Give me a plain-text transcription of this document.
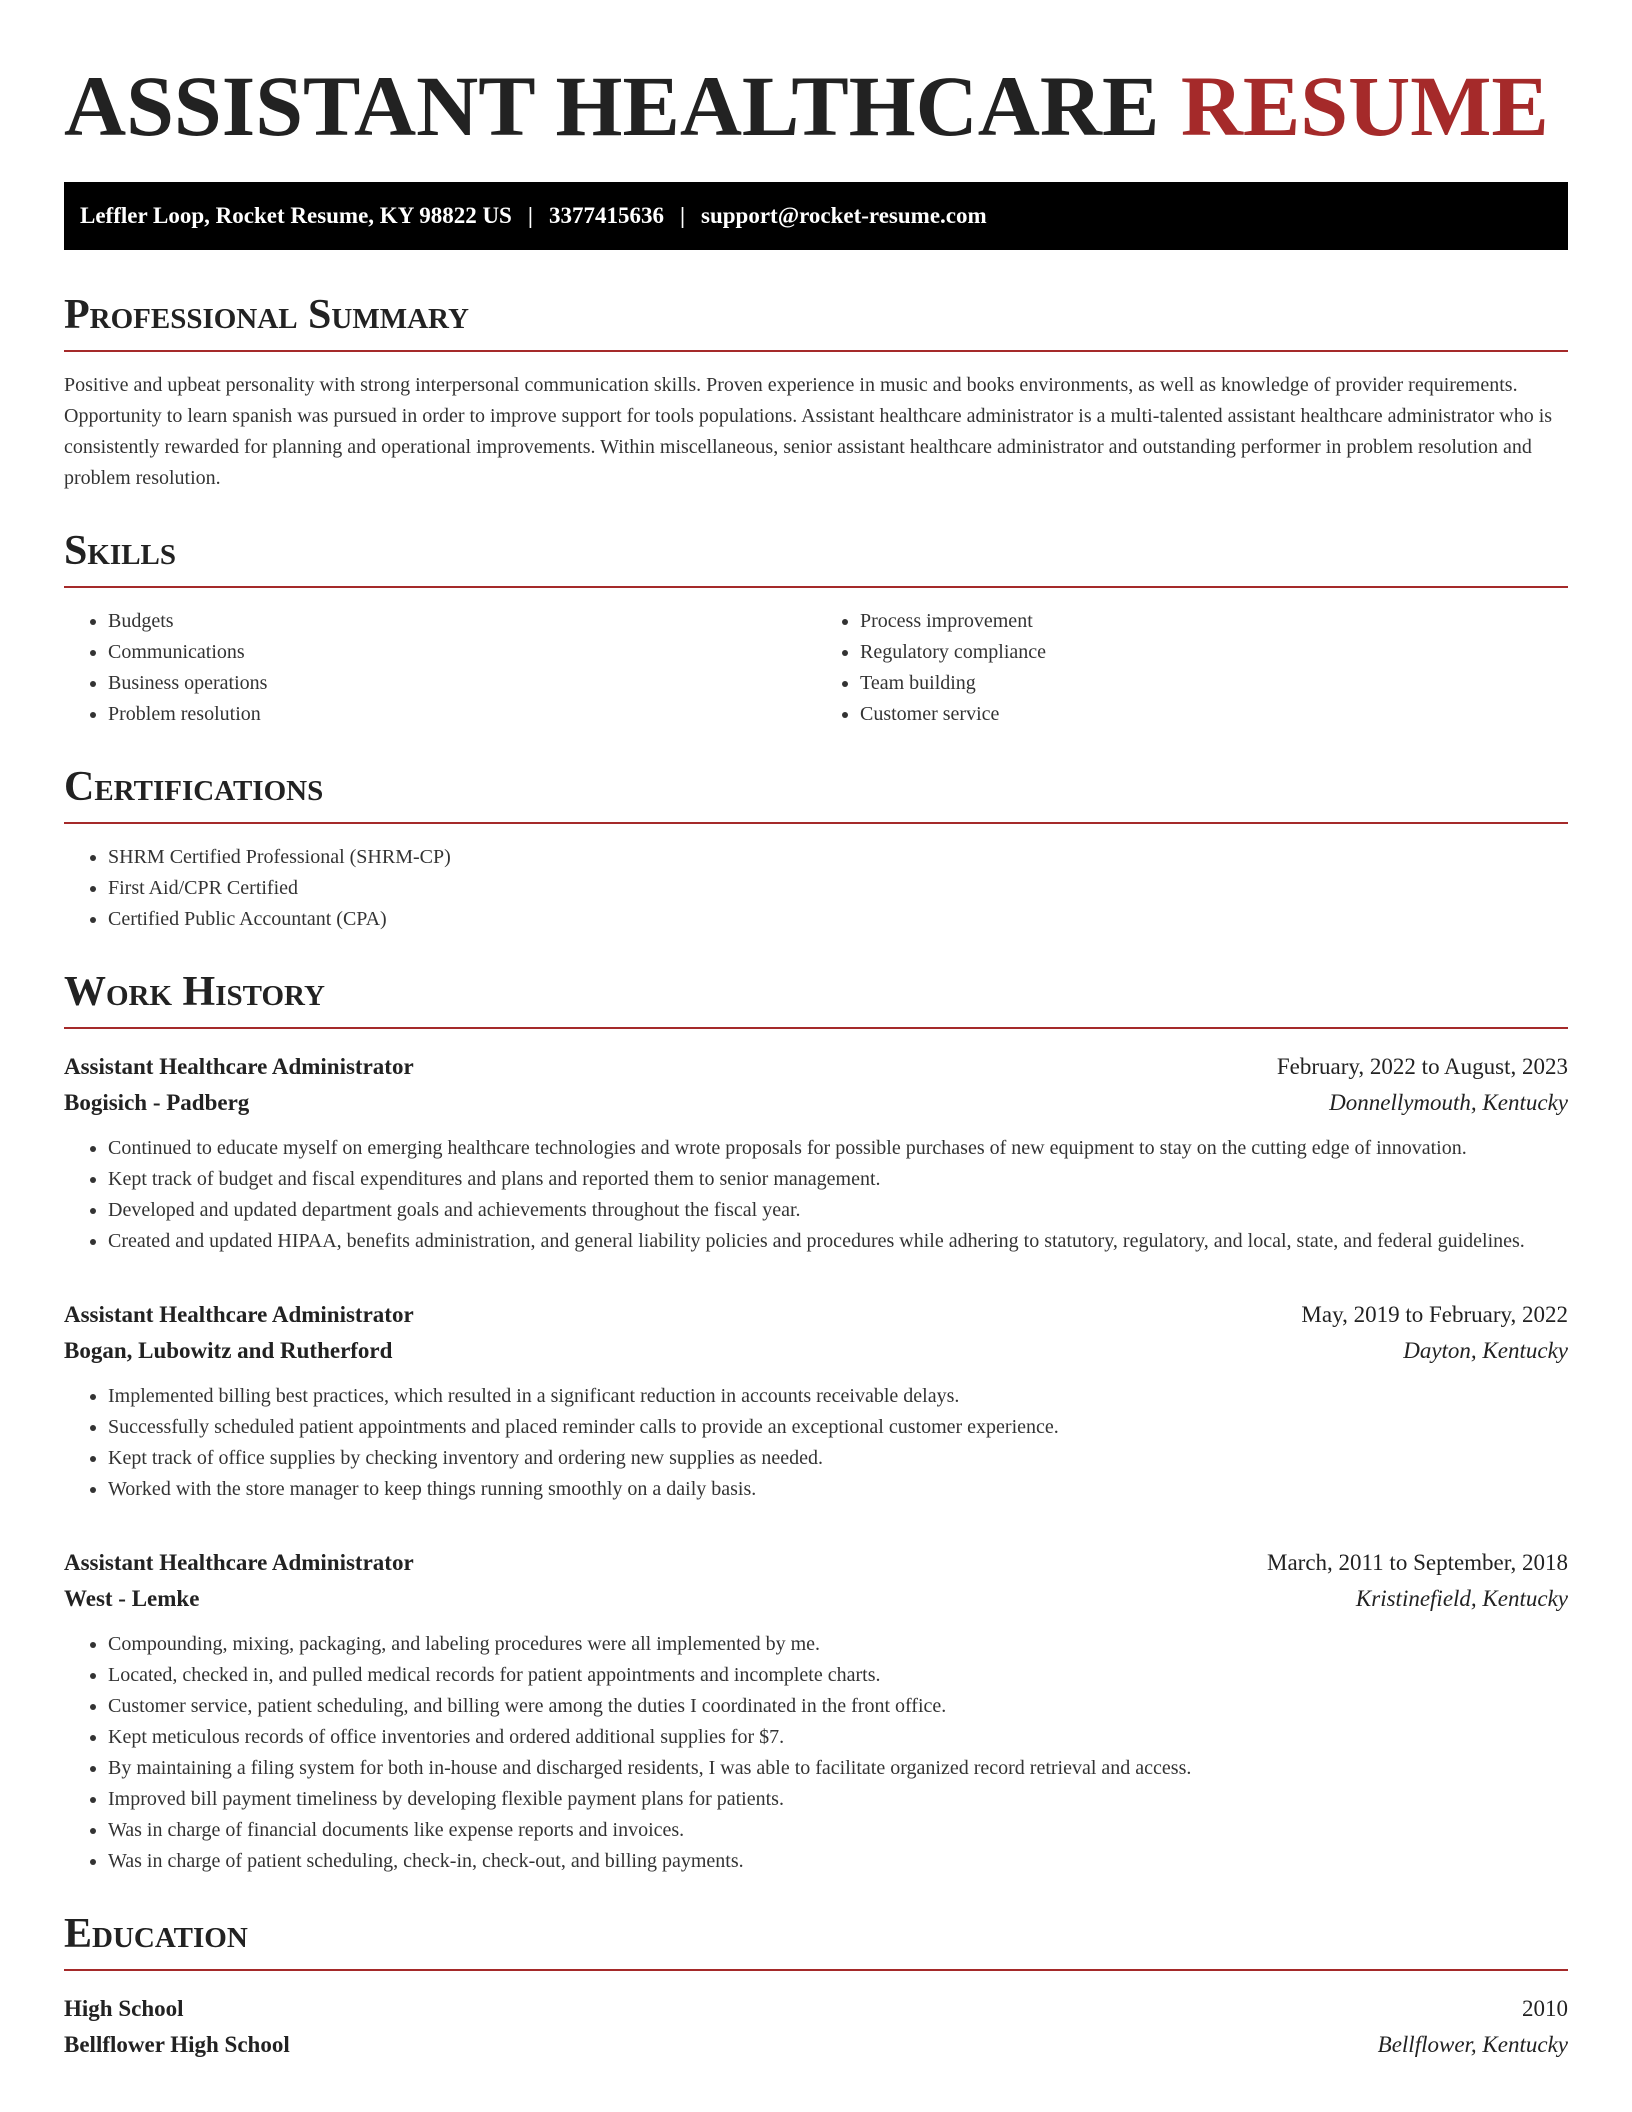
ASSISTANT HEALTHCARE RESUME
Leffler Loop, Rocket Resume, KY 98822 US | 3377415636 | support@rocket-resume.com
Professional Summary

Positive and upbeat personality with strong interpersonal communication skills. Proven experience in music and books environments, as well as knowledge of provider requirements. Opportunity to learn spanish was pursued in order to improve support for tools populations. Assistant healthcare administrator is a multi-talented assistant healthcare administrator who is consistently rewarded for planning and operational improvements. Within miscellaneous, senior assistant healthcare administrator and outstanding performer in problem resolution and problem resolution.

Skills
• Budgets
• Communications
• Business operations
• Problem resolution
• Process improvement
• Regulatory compliance
• Team building
• Customer service
Certifications
• SHRM Certified Professional (SHRM-CP)
• First Aid/CPR Certified
• Certified Public Accountant (CPA)
Work History
Assistant Healthcare Administrator	February, 2022 to August, 2023
Bogisich - Padberg	Donnellymouth, Kentucky
• Continued to educate myself on emerging healthcare technologies and wrote proposals for possible purchases of new equipment to stay on the cutting edge of innovation.
• Kept track of budget and fiscal expenditures and plans and reported them to senior management.
• Developed and updated department goals and achievements throughout the fiscal year.
• Created and updated HIPAA, benefits administration, and general liability policies and procedures while adhering to statutory, regulatory, and local, state, and federal guidelines.
Assistant Healthcare Administrator	May, 2019 to February, 2022
Bogan, Lubowitz and Rutherford	Dayton, Kentucky
• Implemented billing best practices, which resulted in a significant reduction in accounts receivable delays.
• Successfully scheduled patient appointments and placed reminder calls to provide an exceptional customer experience.
• Kept track of office supplies by checking inventory and ordering new supplies as needed.
• Worked with the store manager to keep things running smoothly on a daily basis.
Assistant Healthcare Administrator	March, 2011 to September, 2018
West - Lemke	Kristinefield, Kentucky
• Compounding, mixing, packaging, and labeling procedures were all implemented by me.
• Located, checked in, and pulled medical records for patient appointments and incomplete charts.
• Customer service, patient scheduling, and billing were among the duties I coordinated in the front office.
• Kept meticulous records of office inventories and ordered additional supplies for $7.
• By maintaining a filing system for both in-house and discharged residents, I was able to facilitate organized record retrieval and access.
• Improved bill payment timeliness by developing flexible payment plans for patients.
• Was in charge of financial documents like expense reports and invoices.
• Was in charge of patient scheduling, check-in, check-out, and billing payments.
Education
High School	2010
Bellflower High School	Bellflower, Kentucky
